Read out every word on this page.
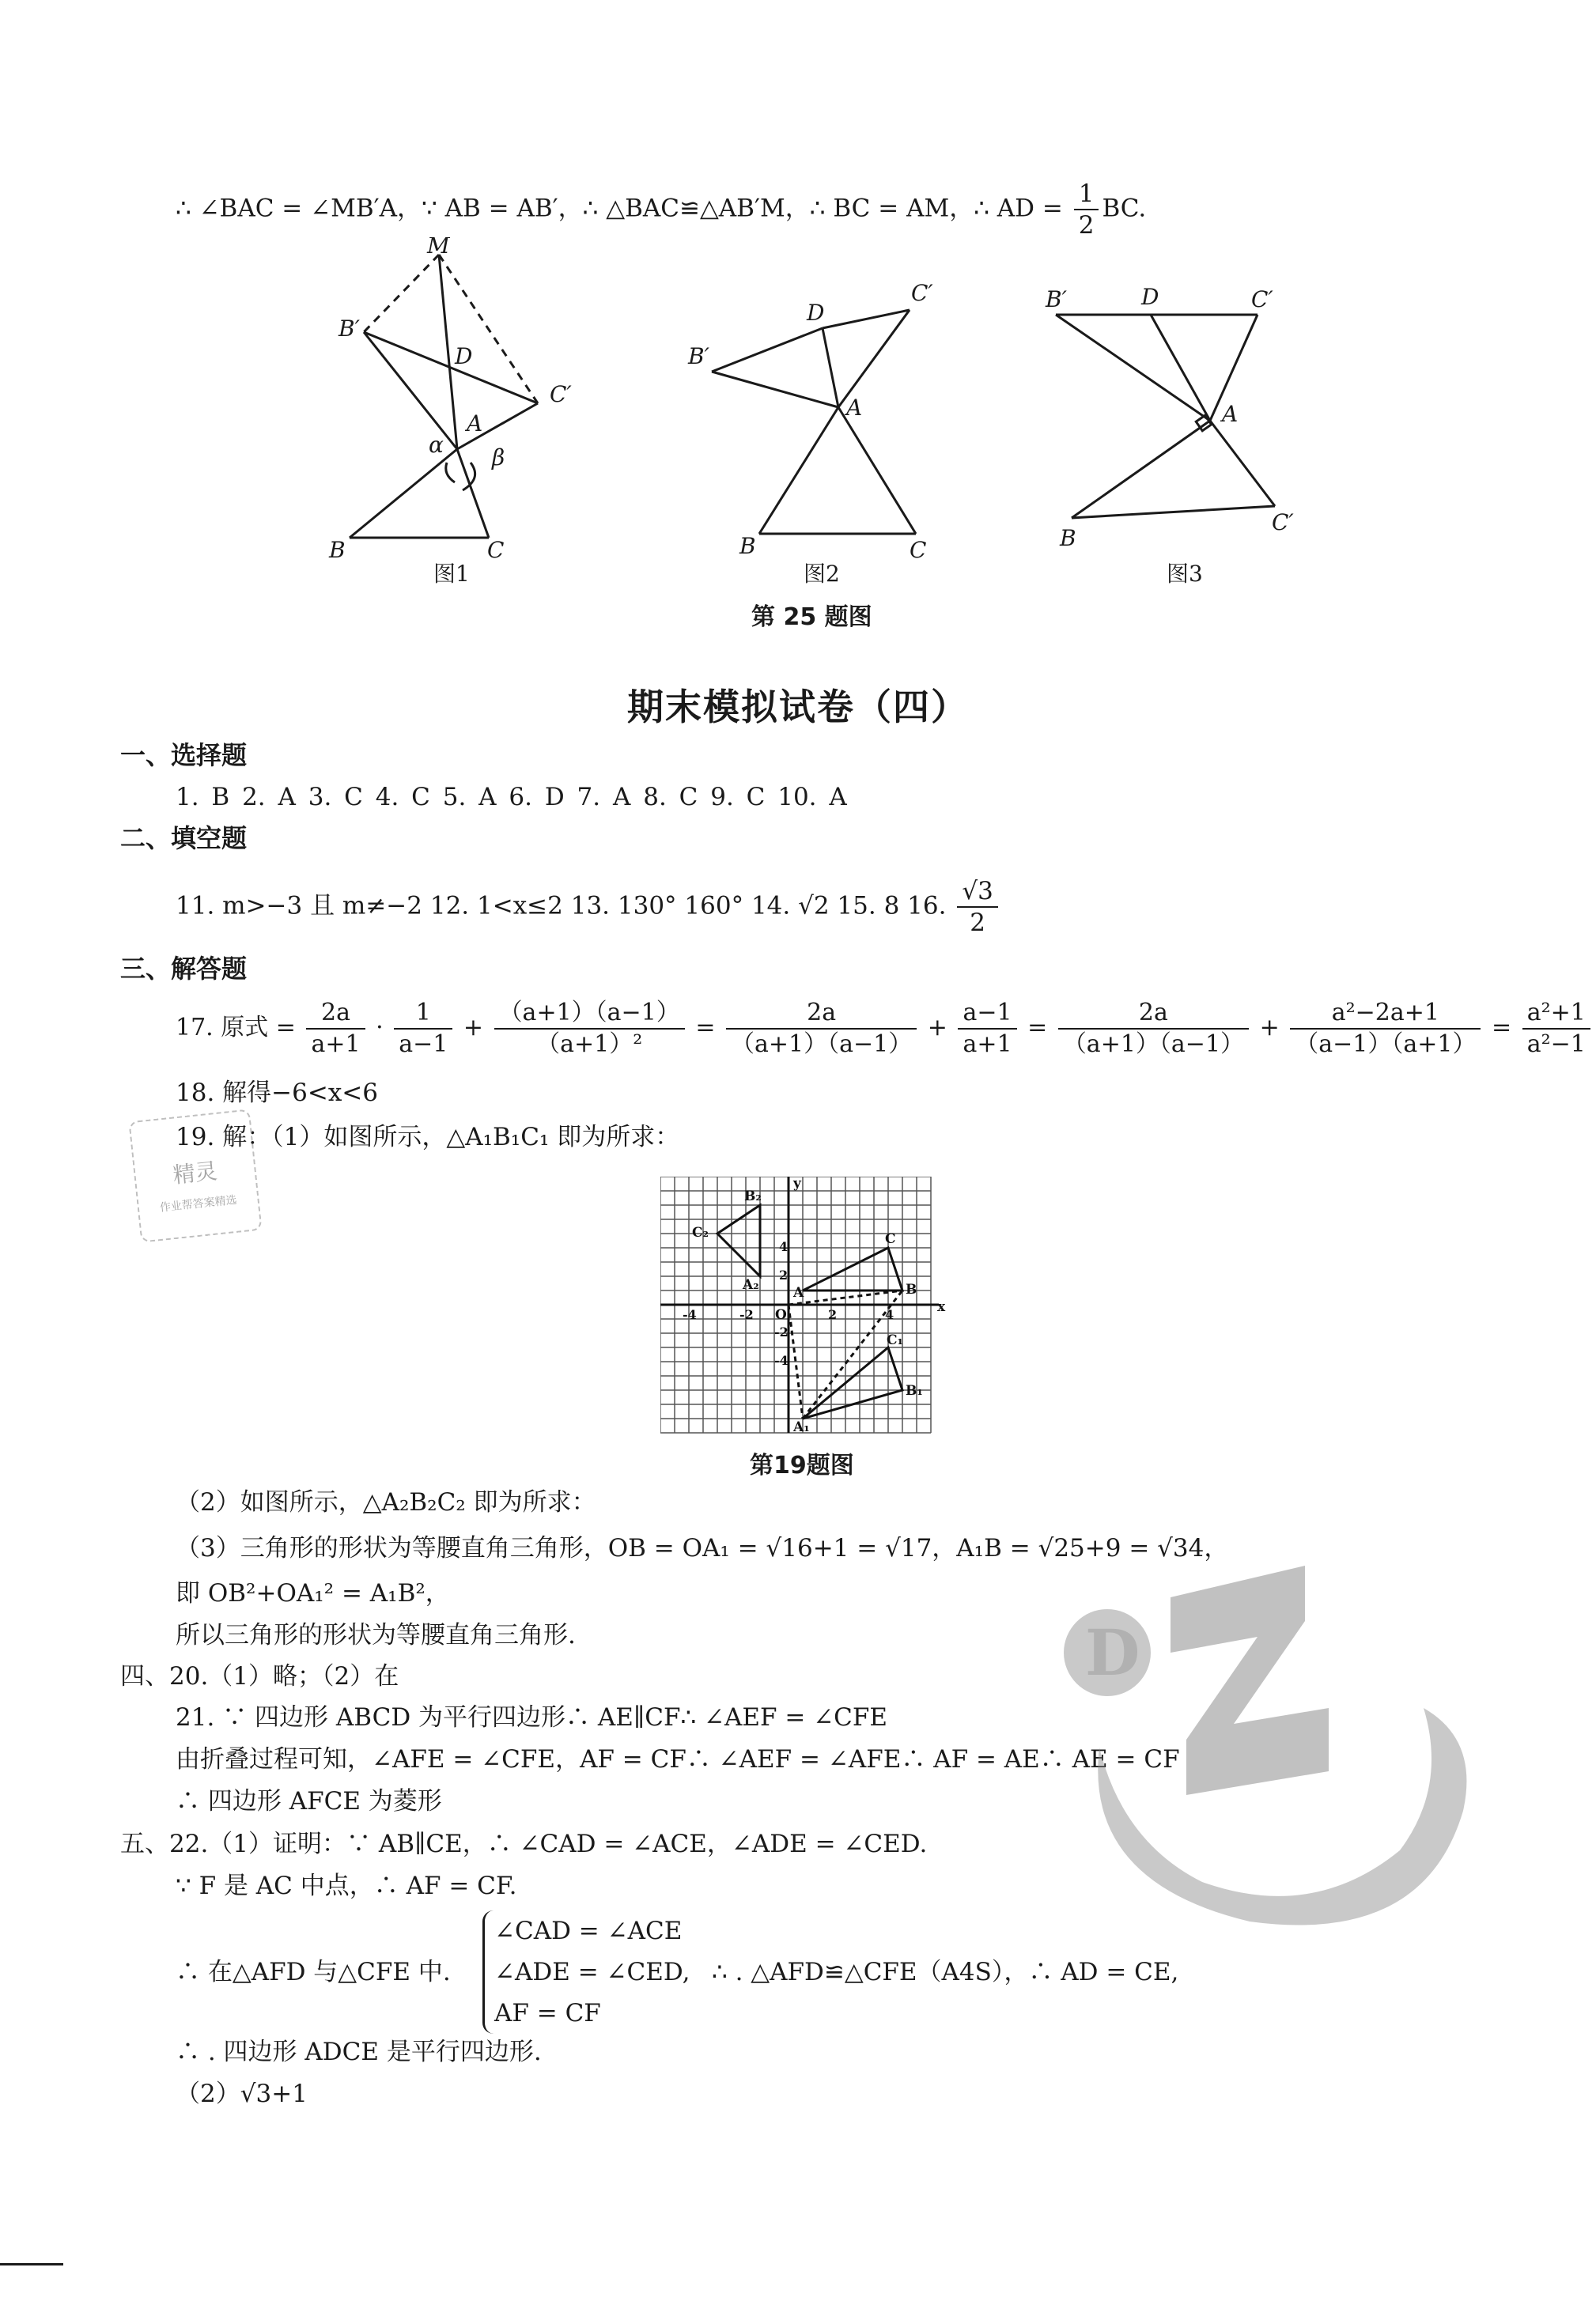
∴ ∠BAC = ∠MB′A，∵ AB = AB′，∴ △BAC≌△AB′M，∴ BC = AM，∴ AD = $\frac{1}{2}$ BC.
M
B′
D
C′
A
α β
B	C
D
C′
B′
A
B	C
B′	D	C′
A
B
C′
图1	图2	图3
第 25 题图
期末模拟试卷（四）
一、选择题
1. B 2. A 3. C 4. C 5. A 6. D 7. A 8. C 9. C 10. A
二、填空题
11. m>−3 且 m≠−2 12. 1<x≤2 13. 130° 160° 14. √2 15. 8 16. $\frac{√3}{2}$
三、解答题
17. 原式 = $\frac{2a}{a+1} \cdot \frac{1}{a-1} + \frac{(a+1)(a-1)}{\text{（a+1）²}} = \frac{2a}{(a+1)(a-1)} + \frac{a-1}{a+1} = \frac{2a}{(a+1)(a-1)} + \frac{\text{a²−2a+1}}{(a-1)(a+1)} = \frac{\text{a²+1}}{\text{a²−1}}$
18. 解得−6<x<6
19. 解：（1）如图所示，△A₁B₁C₁ 即为所求：
精灵
作业帮答案精选
y
x
O
B₂
C₂
A₂	A	B
C
C₁
B₁
A₁
-4	-2	2	4
4
2
-2
-4
第19题图
（2）如图所示，△A₂B₂C₂ 即为所求：
（3）三角形的形状为等腰直角三角形，OB = OA₁ = √16+1 = √17，A₁B = √25+9 = √34，
即 OB²+OA₁² = A₁B²，
所以三角形的形状为等腰直角三角形.
四、20.（1）略；（2）在
21. ∵ 四边形 ABCD 为平行四边形∴ AE∥CF∴ ∠AEF = ∠CFE
由折叠过程可知，∠AFE = ∠CFE，AF = CF∴ ∠AEF = ∠AFE∴ AF = AE∴ AE = CF
∴ 四边形 AFCE 为菱形
五、22.（1）证明：∵ AB∥CE，∴ ∠CAD = ∠ACE，∠ADE = ∠CED.
∵ F 是 AC 中点，∴ AF = CF.
∴ 在△AFD 与△CFE 中.
∠CAD = ∠ACE
∠ADE = ∠CED,
AF = CF
∴ . △AFD≌△CFE（A4S），∴ AD = CE,
∴ . 四边形 ADCE 是平行四边形.
（2）√3+1
D
